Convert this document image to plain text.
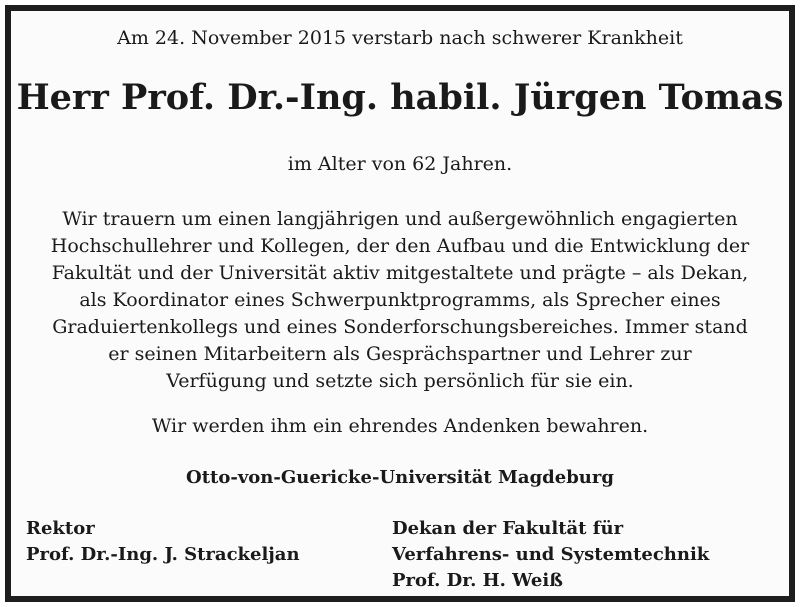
Am 24. November 2015 verstarb nach schwerer Krankheit
Herr Prof. Dr.-Ing. habil. Jürgen Tomas
im Alter von 62 Jahren.
Wir trauern um einen langjährigen und außergewöhnlich engagierten
Hochschullehrer und Kollegen, der den Aufbau und die Entwicklung der
Fakultät und der Universität aktiv mitgestaltete und prägte – als Dekan,
als Koordinator eines Schwerpunktprogramms, als Sprecher eines
Graduiertenkollegs und eines Sonderforschungsbereiches. Immer stand
er seinen Mitarbeitern als Gesprächspartner und Lehrer zur
Verfügung und setzte sich persönlich für sie ein.
Wir werden ihm ein ehrendes Andenken bewahren.
Otto-von-Guericke-Universität Magdeburg
Rektor
Prof. Dr.-Ing. J. Strackeljan
Dekan der Fakultät für
Verfahrens- und Systemtechnik
Prof. Dr. H. Weiß
